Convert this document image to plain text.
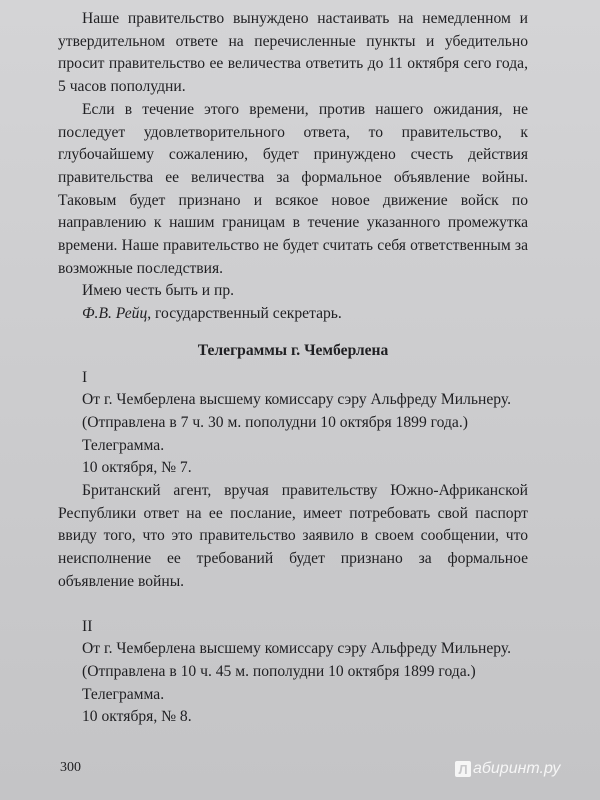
Наше правительство вынуждено настаивать на немедленном и утвердительном ответе на перечисленные пункты и убедительно просит правительство ее величества ответить до 11 октября сего года, 5 часов пополудни.

Если в течение этого времени, против нашего ожидания, не последует удовлетворительного ответа, то правительство, к глубочайшему сожалению, будет принуждено счесть действия правительства ее величества за формальное объявление войны. Таковым будет признано и всякое новое движение войск по направлению к нашим границам в течение указанного промежутка времени. Наше правительство не будет считать себя ответственным за возможные последствия.

Имею честь быть и пр.

Ф.В. Рейц, государственный секретарь.

Телеграммы г. Чемберлена

I

От г. Чемберлена высшему комиссару сэру Альфреду Мильнеру.

(Отправлена в 7 ч. 30 м. пополудни 10 октября 1899 года.)

Телеграмма.

10 октября, № 7.

Британский агент, вручая правительству Южно-Африканской Республики ответ на ее послание, имеет потребовать свой паспорт ввиду того, что это правительство заявило в своем сообщении, что неисполнение ее требований будет признано за формальное объявление войны.

II

От г. Чемберлена высшему комиссару сэру Альфреду Мильнеру.

(Отправлена в 10 ч. 45 м. пополудни 10 октября 1899 года.)

Телеграмма.

10 октября, № 8.

300	Л абиринт.ру
